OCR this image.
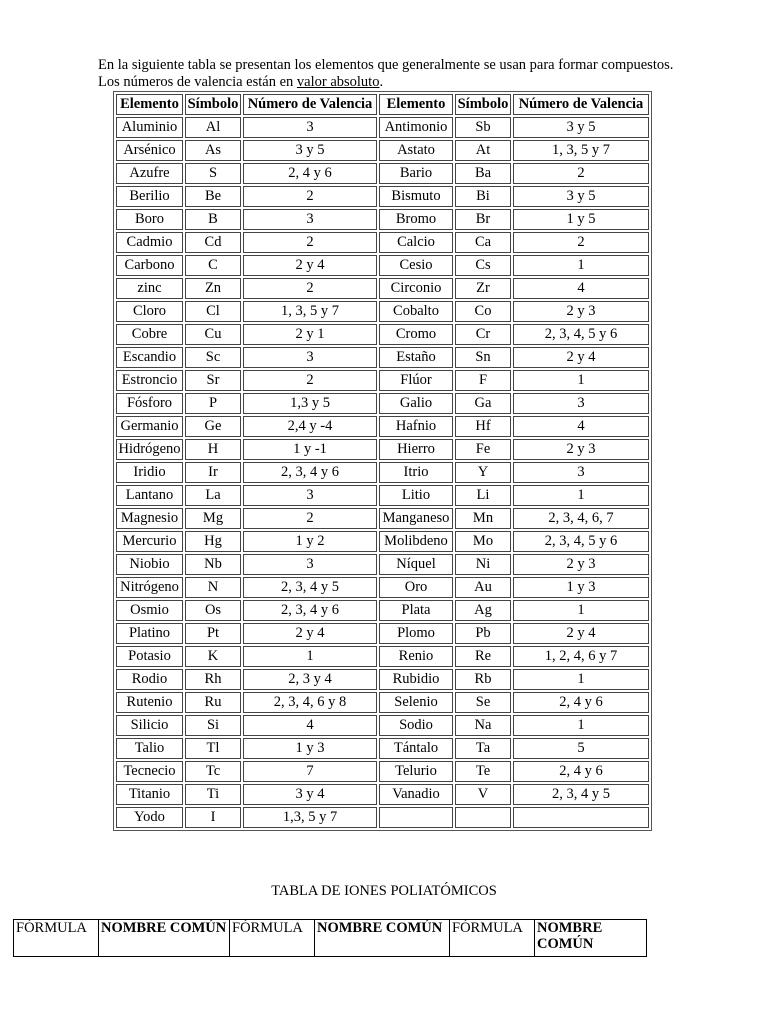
En la siguiente tabla se presentan los elementos que generalmente se usan para formar compuestos.
Los números de valencia están en valor absoluto.
Elemento	Símbolo	Número de Valencia	Elemento	Símbolo	Número de Valencia
Aluminio	Al	3	Antimonio	Sb	3 y 5
Arsénico	As	3 y 5	Astato	At	1, 3, 5 y 7
Azufre	S	2, 4 y 6	Bario	Ba	2
Berilio	Be	2	Bismuto	Bi	3 y 5
Boro	B	3	Bromo	Br	1 y 5
Cadmio	Cd	2	Calcio	Ca	2
Carbono	C	2 y 4	Cesio	Cs	1
zinc	Zn	2	Circonio	Zr	4
Cloro	Cl	1, 3, 5 y 7	Cobalto	Co	2 y 3
Cobre	Cu	2 y 1	Cromo	Cr	2, 3, 4, 5 y 6
Escandio	Sc	3	Estaño	Sn	2 y 4
Estroncio	Sr	2	Flúor	F	1
Fósforo	P	1,3 y 5	Galio	Ga	3
Germanio	Ge	2,4 y -4	Hafnio	Hf	4
Hidrógeno	H	1 y -1	Hierro	Fe	2 y 3
Iridio	Ir	2, 3, 4 y 6	Itrio	Y	3
Lantano	La	3	Litio	Li	1
Magnesio	Mg	2	Manganeso	Mn	2, 3, 4, 6, 7
Mercurio	Hg	1 y 2	Molibdeno	Mo	2, 3, 4, 5 y 6
Niobio	Nb	3	Níquel	Ni	2 y 3
Nitrógeno	N	2, 3, 4 y 5	Oro	Au	1 y 3
Osmio	Os	2, 3, 4 y 6	Plata	Ag	1
Platino	Pt	2 y 4	Plomo	Pb	2 y 4
Potasio	K	1	Renio	Re	1, 2, 4, 6 y 7
Rodio	Rh	2, 3 y 4	Rubidio	Rb	1
Rutenio	Ru	2, 3, 4, 6 y 8	Selenio	Se	2, 4 y 6
Silicio	Si	4	Sodio	Na	1
Talio	Tl	1 y 3	Tántalo	Ta	5
Tecnecio	Tc	7	Telurio	Te	2, 4 y 6
Titanio	Ti	3 y 4	Vanadio	V	2, 3, 4 y 5
Yodo	I	1,3, 5 y 7			
TABLA DE IONES POLIATÓMICOS
FÓRMULA	NOMBRE COMÚN	FÓRMULA	NOMBRE COMÚN	FÓRMULA	NOMBRE COMÚN
